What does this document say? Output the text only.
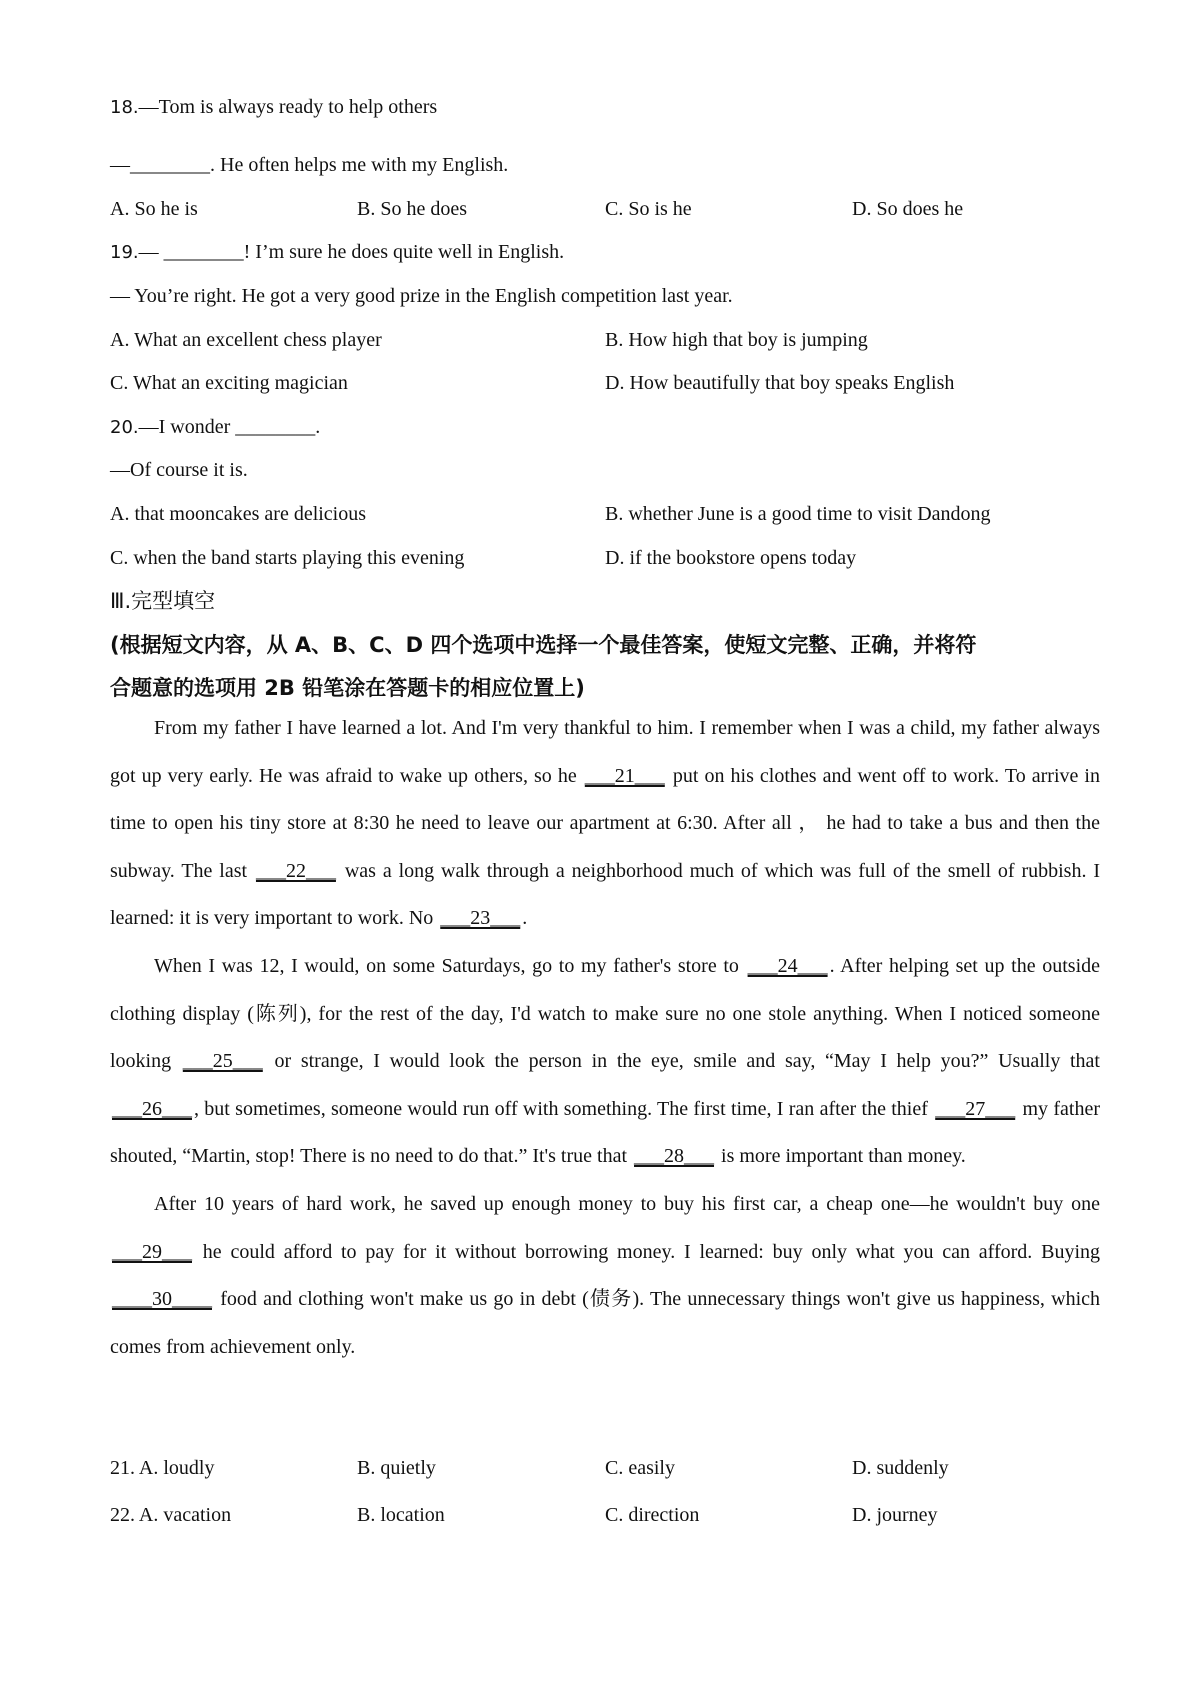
18.—Tom is always ready to help others
—________. He often helps me with my English.
A. So he is	B. So he does	C. So is he	D. So does he
19.— ________! I’m sure he does quite well in English.
— You’re right. He got a very good prize in the English competition last year.
A. What an excellent chess player	B. How high that boy is jumping
C. What an exciting magician	D. How beautifully that boy speaks English
20.—I wonder ________.
—Of course it is.
A. that mooncakes are delicious	B. whether June is a good time to visit Dandong
C. when the band starts playing this evening	D. if the bookstore opens today
Ⅲ.完型填空
(根据短文内容，从 A、B、C、D 四个选项中选择一个最佳答案，使短文完整、正确，并将符
合题意的选项用 2B 铅笔涂在答题卡的相应位置上)

From my father I have learned a lot. And I'm very thankful to him. I remember when I was a child, my father always got up very early. He was afraid to wake up others, so he ___21___ put on his clothes and went off to work. To arrive in time to open his tiny store at 8:30 he need to leave our apartment at 6:30. After all ， he had to take a bus and then the subway. The last ___22___ was a long walk through a neighborhood much of which was full of the smell of rubbish. I learned: it is very important to work. No ___23___ .

When I was 12, I would, on some Saturdays, go to my father's store to ___24___ . After helping set up the outside clothing display (陈列), for the rest of the day, I'd watch to make sure no one stole anything. When I noticed someone looking ___25___ or strange, I would look the person in the eye, smile and say, “May I help you?” Usually that ___26___ , but sometimes, someone would run off with something. The first time, I ran after the thief ___27___ my father shouted, “Martin, stop! There is no need to do that.” It's true that ___28___ is more important than money.

After 10 years of hard work, he saved up enough money to buy his first car, a cheap one—he wouldn't buy one ___29___ he could afford to pay for it without borrowing money. I learned: buy only what you can afford. Buying ____30____ food and clothing won't make us go in debt (债务). The unnecessary things won't give us happiness, which comes from achievement only.

21. A. loudly	B. quietly	C. easily	D. suddenly
22. A. vacation	B. location	C. direction	D. journey
